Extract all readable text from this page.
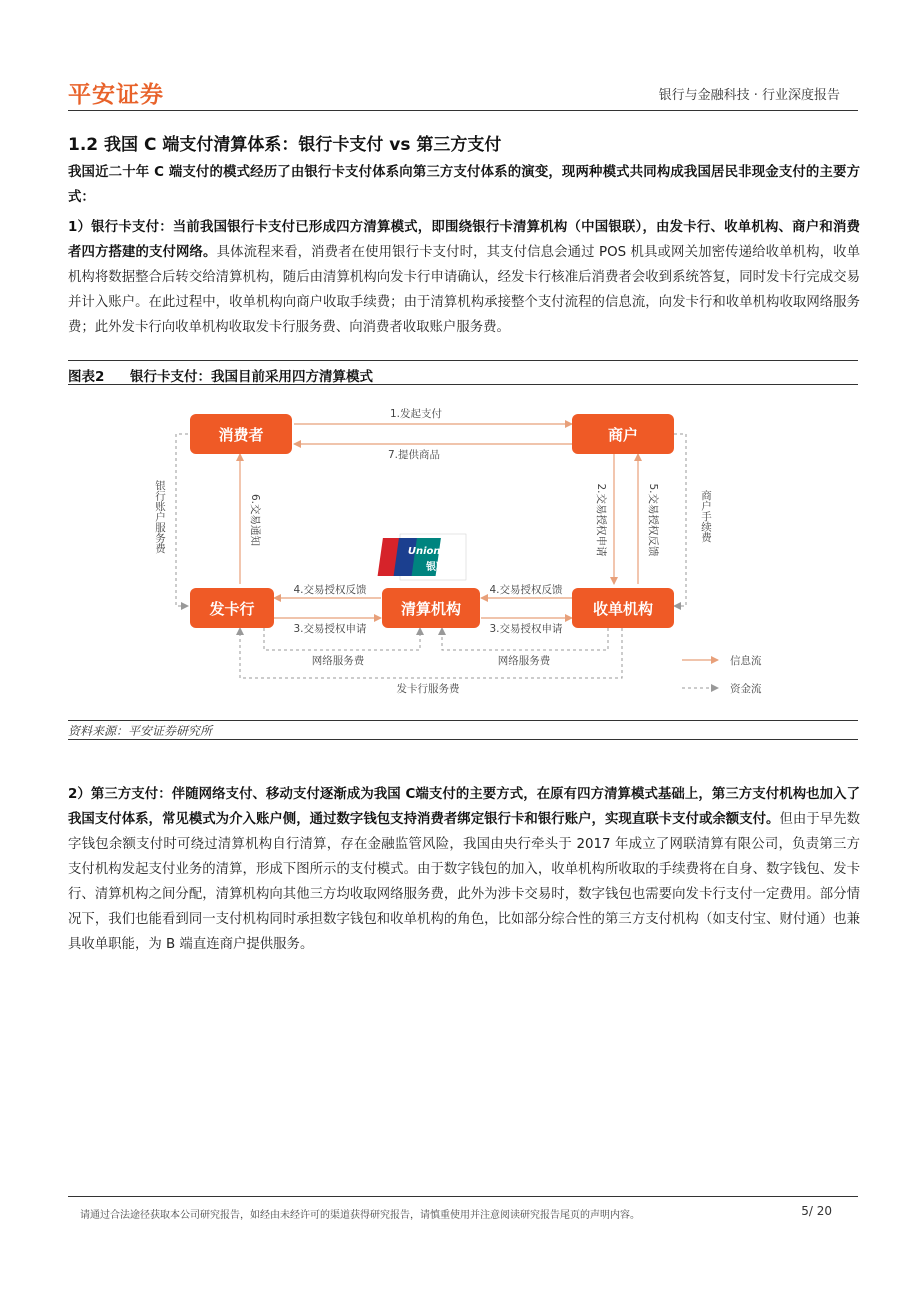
平安证券	银行与金融科技 · 行业深度报告
1.2 我国 C 端支付清算体系：银行卡支付 vs 第三方支付
我国近二十年 C 端支付的模式经历了由银行卡支付体系向第三方支付体系的演变，现两种模式共同构成我国居民非现金支付的主要方式：
1）银行卡支付：当前我国银行卡支付已形成四方清算模式，即围绕银行卡清算机构（中国银联），由发卡行、收单机构、商户和消费者四方搭建的支付网络。具体流程来看，消费者在使用银行卡支付时，其支付信息会通过 POS 机具或网关加密传递给收单机构，收单机构将数据整合后转交给清算机构，随后由清算机构向发卡行申请确认，经发卡行核准后消费者会收到系统答复，同时发卡行完成交易并计入账户。在此过程中，收单机构向商户收取手续费；由于清算机构承接整个支付流程的信息流，向发卡行和收单机构收取网络服务费；此外发卡行向收单机构收取发卡行服务费、向消费者收取账户服务费。
图表2 银行卡支付：我国目前采用四方清算模式
消费者	商户
发卡行	清算机构	收单机构
UnionPay
银联
1.发起支付
7.提供商品
6.交易通知	2.交易授权申请	5.交易授权反馈
4.交易授权反馈
3.交易授权申请
4.交易授权反馈
3.交易授权申请
银行账户服务费	商户手续费
网络服务费	网络服务费
发卡行服务费
信息流
资金流
资料来源：平安证券研究所
2）第三方支付：伴随网络支付、移动支付逐渐成为我国 C端支付的主要方式，在原有四方清算模式基础上，第三方支付机构也加入了我国支付体系，常见模式为介入账户侧，通过数字钱包支持消费者绑定银行卡和银行账户，实现直联卡支付或余额支付。但由于早先数字钱包余额支付时可绕过清算机构自行清算，存在金融监管风险，我国由央行牵头于 2017 年成立了网联清算有限公司，负责第三方支付机构发起支付业务的清算，形成下图所示的支付模式。由于数字钱包的加入，收单机构所收取的手续费将在自身、数字钱包、发卡行、清算机构之间分配，清算机构向其他三方均收取网络服务费，此外为涉卡交易时，数字钱包也需要向发卡行支付一定费用。部分情况下，我们也能看到同一支付机构同时承担数字钱包和收单机构的角色，比如部分综合性的第三方支付机构（如支付宝、财付通）也兼具收单职能，为 B 端直连商户提供服务。
请通过合法途径获取本公司研究报告，如经由未经许可的渠道获得研究报告，请慎重使用并注意阅读研究报告尾页的声明内容。	5/ 20
